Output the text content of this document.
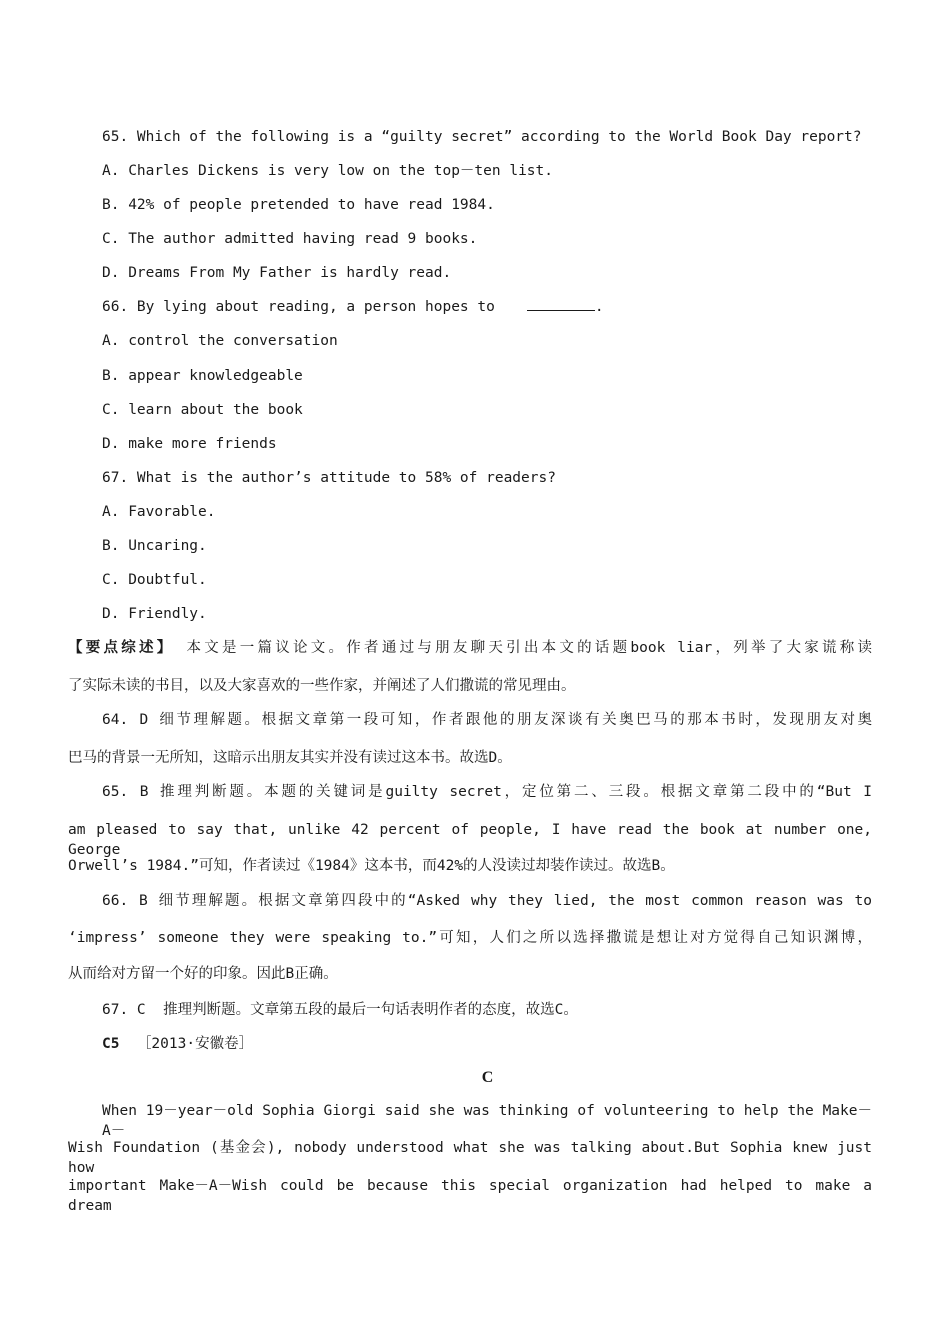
65. Which of the following is a “guilty secret” according to the World Book Day report?
A. Charles Dickens is very low on the top－ten list.
B. 42% of people pretended to have read 1984.
C. The author admitted having read 9 books.
D. Dreams From My Father is hardly read.
66. By lying about reading, a person hopes to	.
A. control the conversation
B. appear knowledgeable
C. learn about the book
D. make more friends
67. What is the author’s attitude to 58% of readers?
A. Favorable.
B. Uncaring.
C. Doubtful.
D. Friendly.
【要点综述】 本文是一篇议论文。作者通过与朋友聊天引出本文的话题book liar，列举了大家谎称读
了实际未读的书目，以及大家喜欢的一些作家，并阐述了人们撒谎的常见理由。
64. D 细节理解题。根据文章第一段可知，作者跟他的朋友深谈有关奥巴马的那本书时，发现朋友对奥
巴马的背景一无所知，这暗示出朋友其实并没有读过这本书。故选D。
65. B 推理判断题。本题的关键词是guilty secret，定位第二、三段。根据文章第二段中的“But I
am pleased to say that, unlike 42 percent of people, I have read the book at number one, George
Orwell’s 1984.”可知，作者读过《1984》这本书，而42%的人没读过却装作读过。故选B。
66. B 细节理解题。根据文章第四段中的“Asked why they lied, the most common reason was to
‘impress’ someone they were speaking to.”可知，人们之所以选择撒谎是想让对方觉得自己知识渊博，
从而给对方留一个好的印象。因此B正确。
67. C  推理判断题。文章第五段的最后一句话表明作者的态度，故选C。
C5 ［2013·安徽卷］
C
When 19－year－old Sophia Giorgi said she was thinking of volunteering to help the Make－A－
Wish Foundation (基金会), nobody understood what she was talking about.But Sophia knew just how
important Make－A－Wish could be because this special organization had helped to make a dream
